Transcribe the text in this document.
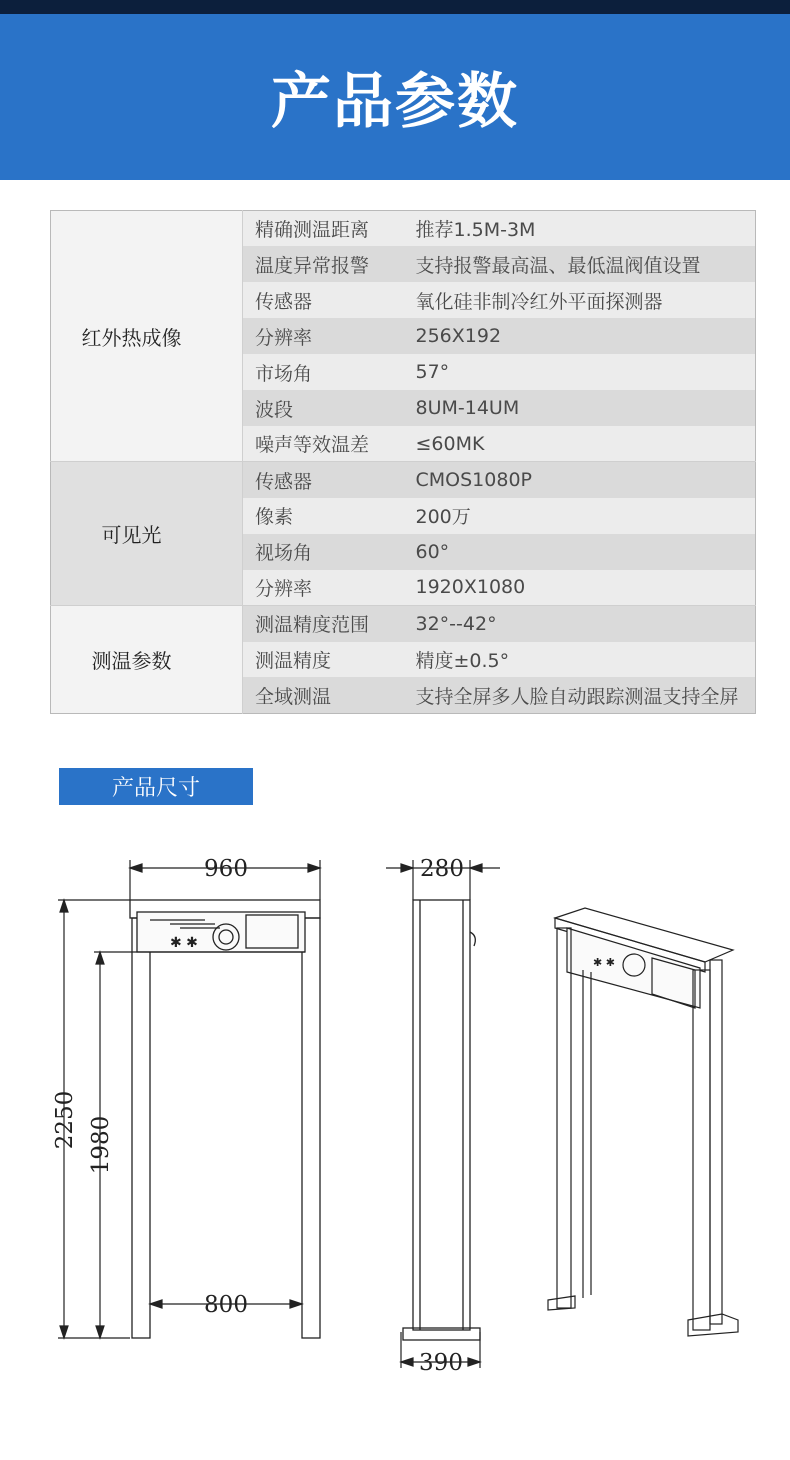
产品参数
红外热成像	精确测温距离	推荐1.5M-3M
	温度异常报警	支持报警最高温、最低温阀值设置
	传感器	氧化硅非制冷红外平面探测器
	分辨率	256X192
	市场角	57°
	波段	8UM-14UM
	噪声等效温差	≤60MK
可见光	传感器	CMOS1080P
	像素	200万
	视场角	60°
	分辨率	1920X1080
测温参数	测温精度范围	32°--42°
	测温精度	精度±0.5°
	全域测温	支持全屏多人脸自动跟踪测温支持全屏
产品尺寸
✱ ✱
960	280
800
390
2250 1980
✱ ✱
